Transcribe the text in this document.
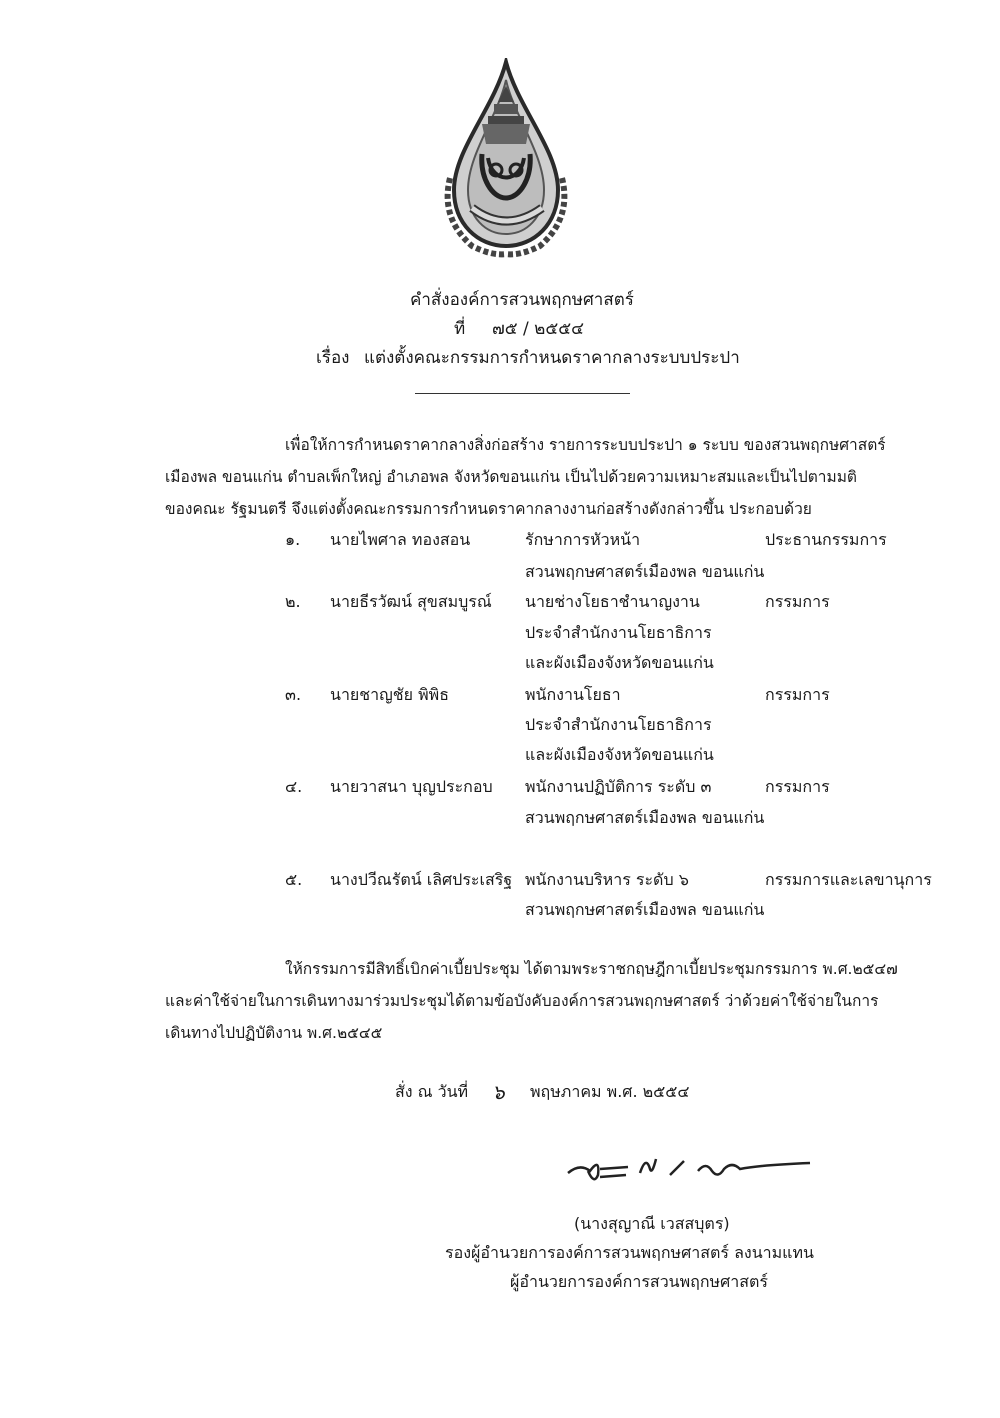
คำสั่งองค์การสวนพฤกษศาสตร์
ที่ ๗๕ / ๒๕๕๔
เรื่อง แต่งตั้งคณะกรรมการกำหนดราคากลางระบบประปา
เพื่อให้การกำหนดราคากลางสิ่งก่อสร้าง รายการระบบประปา ๑ ระบบ ของสวนพฤกษศาสตร์
เมืองพล ขอนแก่น ตำบลเพ็กใหญ่ อำเภอพล จังหวัดขอนแก่น เป็นไปด้วยความเหมาะสมและเป็นไปตามมติ
ของคณะ รัฐมนตรี จึงแต่งตั้งคณะกรรมการกำหนดราคากลางงานก่อสร้างดังกล่าวขึ้น ประกอบด้วย
๑. นายไพศาล ทองสอน	รักษาการหัวหน้า
สวนพฤกษศาสตร์เมืองพล ขอนแก่น
ประธานกรรมการ
๒. นายธีรวัฒน์ สุขสมบูรณ์ นายช่างโยธาชำนาญงาน
ประจำสำนักงานโยธาธิการ
และผังเมืองจังหวัดขอนแก่น
กรรมการ
๓. นายชาญชัย พิพิธ	พนักงานโยธา
ประจำสำนักงานโยธาธิการ
และผังเมืองจังหวัดขอนแก่น
กรรมการ
๔. นายวาสนา บุญประกอบ พนักงานปฏิบัติการ ระดับ ๓
สวนพฤกษศาสตร์เมืองพล ขอนแก่น
กรรมการ
๕. นางปวีณรัตน์ เลิศประเสริฐ พนักงานบริหาร ระดับ ๖
สวนพฤกษศาสตร์เมืองพล ขอนแก่น
กรรมการและเลขานุการ
ให้กรรมการมีสิทธิ์เบิกค่าเบี้ยประชุม ได้ตามพระราชกฤษฎีกาเบี้ยประชุมกรรมการ พ.ศ.๒๕๔๗
และค่าใช้จ่ายในการเดินทางมาร่วมประชุมได้ตามข้อบังคับองค์การสวนพฤกษศาสตร์ ว่าด้วยค่าใช้จ่ายในการ
เดินทางไปปฏิบัติงาน พ.ศ.๒๕๔๕
สั่ง ณ วันที่ ๖ พฤษภาคม พ.ศ. ๒๕๕๔
(นางสุญาณี เวสสบุตร)
รองผู้อำนวยการองค์การสวนพฤกษศาสตร์ ลงนามแทน
ผู้อำนวยการองค์การสวนพฤกษศาสตร์
